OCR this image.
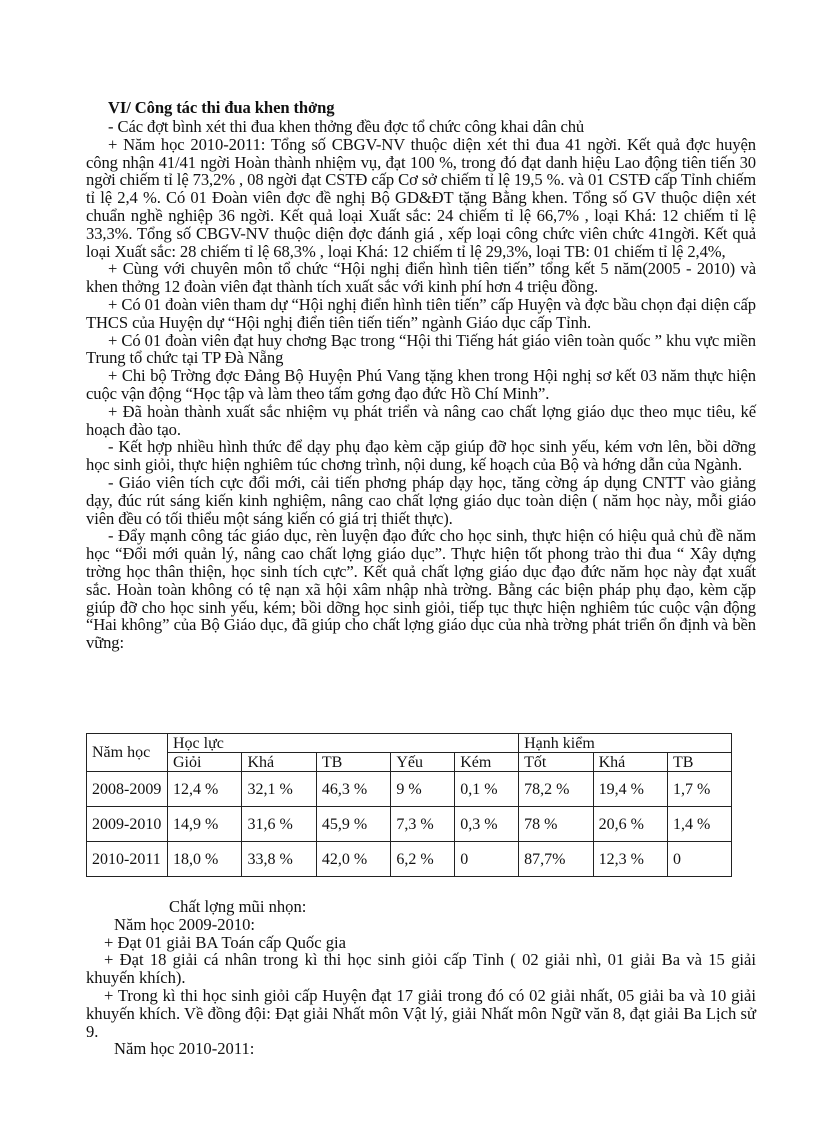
VI/ Công tác thi đua khen thởng

- Các đợt bình xét thi đua khen thởng đều đợc tổ chức công khai dân chủ

+ Năm học 2010-2011: Tổng số CBGV-NV thuộc diện xét thi đua 41 ngời. Kết quả đợc huyện công nhận 41/41 ngời Hoàn thành nhiệm vụ, đạt 100 %, trong đó đạt danh hiệu Lao động tiên tiến 30 ngời chiếm tỉ lệ 73,2% , 08 ngời đạt CSTĐ cấp Cơ sở chiếm tỉ lệ 19,5 %. và 01 CSTĐ cấp Tỉnh chiếm tỉ lệ 2,4 %. Có 01 Đoàn viên đợc đề nghị Bộ GD&ĐT tặng Bằng khen. Tổng số GV thuộc diện xét chuẩn nghề nghiệp 36 ngời. Kết quả loại Xuất sắc: 24 chiếm tỉ lệ 66,7% , loại Khá: 12 chiếm tỉ lệ 33,3%. Tổng số CBGV-NV thuộc diện đợc đánh giá , xếp loại công chức viên chức 41ngời. Kết quả loại Xuất sắc: 28 chiếm tỉ lệ 68,3% , loại Khá: 12 chiếm tỉ lệ 29,3%, loại TB: 01 chiếm tỉ lệ 2,4%,

+ Cùng với chuyên môn tổ chức “Hội nghị điển hình tiên tiến” tổng kết 5 năm(2005 - 2010) và khen thởng 12 đoàn viên đạt thành tích xuất sắc với kinh phí hơn 4 triệu đồng.

+ Có 01 đoàn viên tham dự “Hội nghị điển hình tiên tiến” cấp Huyện và đợc bầu chọn đại diện cấp THCS của Huyện dự “Hội nghị điển tiên tiến tiến” ngành Giáo dục cấp Tỉnh.

+ Có 01 đoàn viên đạt huy chơng Bạc trong “Hội thi Tiếng hát giáo viên toàn quốc ” khu vực miền Trung tổ chức tại TP Đà Nẵng

+ Chi bộ Trờng đợc Đảng Bộ Huyện Phú Vang tặng khen trong Hội nghị sơ kết 03 năm thực hiện cuộc vận động “Học tập và làm theo tấm gơng đạo đức Hồ Chí Minh”.

+ Đã hoàn thành xuất sắc nhiệm vụ phát triển và nâng cao chất lợng giáo dục theo mục tiêu, kế hoạch đào tạo.

- Kết hợp nhiều hình thức để dạy phụ đạo kèm cặp giúp đỡ học sinh yếu, kém vơn lên, bồi dỡng học sinh giỏi, thực hiện nghiêm túc chơng trình, nội dung, kế hoạch của Bộ và hớng dẫn của Ngành.

- Giáo viên tích cực đổi mới, cải tiến phơng pháp dạy học, tăng cờng áp dụng CNTT vào giảng dạy, đúc rút sáng kiến kinh nghiệm, nâng cao chất lợng giáo dục toàn diện ( năm học này, mỗi giáo viên đều có tối thiểu một sáng kiến có giá trị thiết thực).

- Đẩy mạnh công tác giáo dục, rèn luyện đạo đức cho học sinh, thực hiện có hiệu quả chủ đề năm học “Đổi mới quản lý, nâng cao chất lợng giáo dục”. Thực hiện tốt phong trào thi đua “ Xây dựng trờng học thân thiện, học sinh tích cực”. Kết quả chất lợng giáo dục đạo đức năm học này đạt xuất sắc. Hoàn toàn không có tệ nạn xã hội xâm nhập nhà trờng. Bằng các biện pháp phụ đạo, kèm cặp giúp đỡ cho học sinh yếu, kém; bồi dỡng học sinh giỏi, tiếp tục thực hiện nghiêm túc cuộc vận động “Hai không” của Bộ Giáo dục, đã giúp cho chất lợng giáo dục của nhà trờng phát triển ổn định và bền vững:

Năm học	Học lực					Hạnh kiểm		
	Giỏi	Khá	TB	Yếu	Kém	Tốt	Khá	TB
2008-2009	12,4 %	32,1 %	46,3 %	9 %	0,1 %	78,2 %	19,4 %	1,7 %
2009-2010	14,9 %	31,6 %	45,9 %	7,3 %	0,3 %	78 %	20,6 %	1,4 %
2010-2011	18,0 %	33,8 %	42,0 %	6,2 %	0	87,7%	12,3 %	0

Chất lợng mũi nhọn:

Năm học 2009-2010:

+ Đạt 01 giải BA Toán cấp Quốc gia

+ Đạt 18 giải cá nhân trong kì thi học sinh giỏi cấp Tỉnh ( 02 giải nhì, 01 giải Ba và 15 giải khuyến khích).

+ Trong kì thi học sinh giỏi cấp Huyện đạt 17 giải trong đó có 02 giải nhất, 05 giải ba và 10 giải khuyến khích. Về đồng đội: Đạt giải Nhất môn Vật lý, giải Nhất môn Ngữ văn 8, đạt giải Ba Lịch sử 9.

Năm học 2010-2011:
